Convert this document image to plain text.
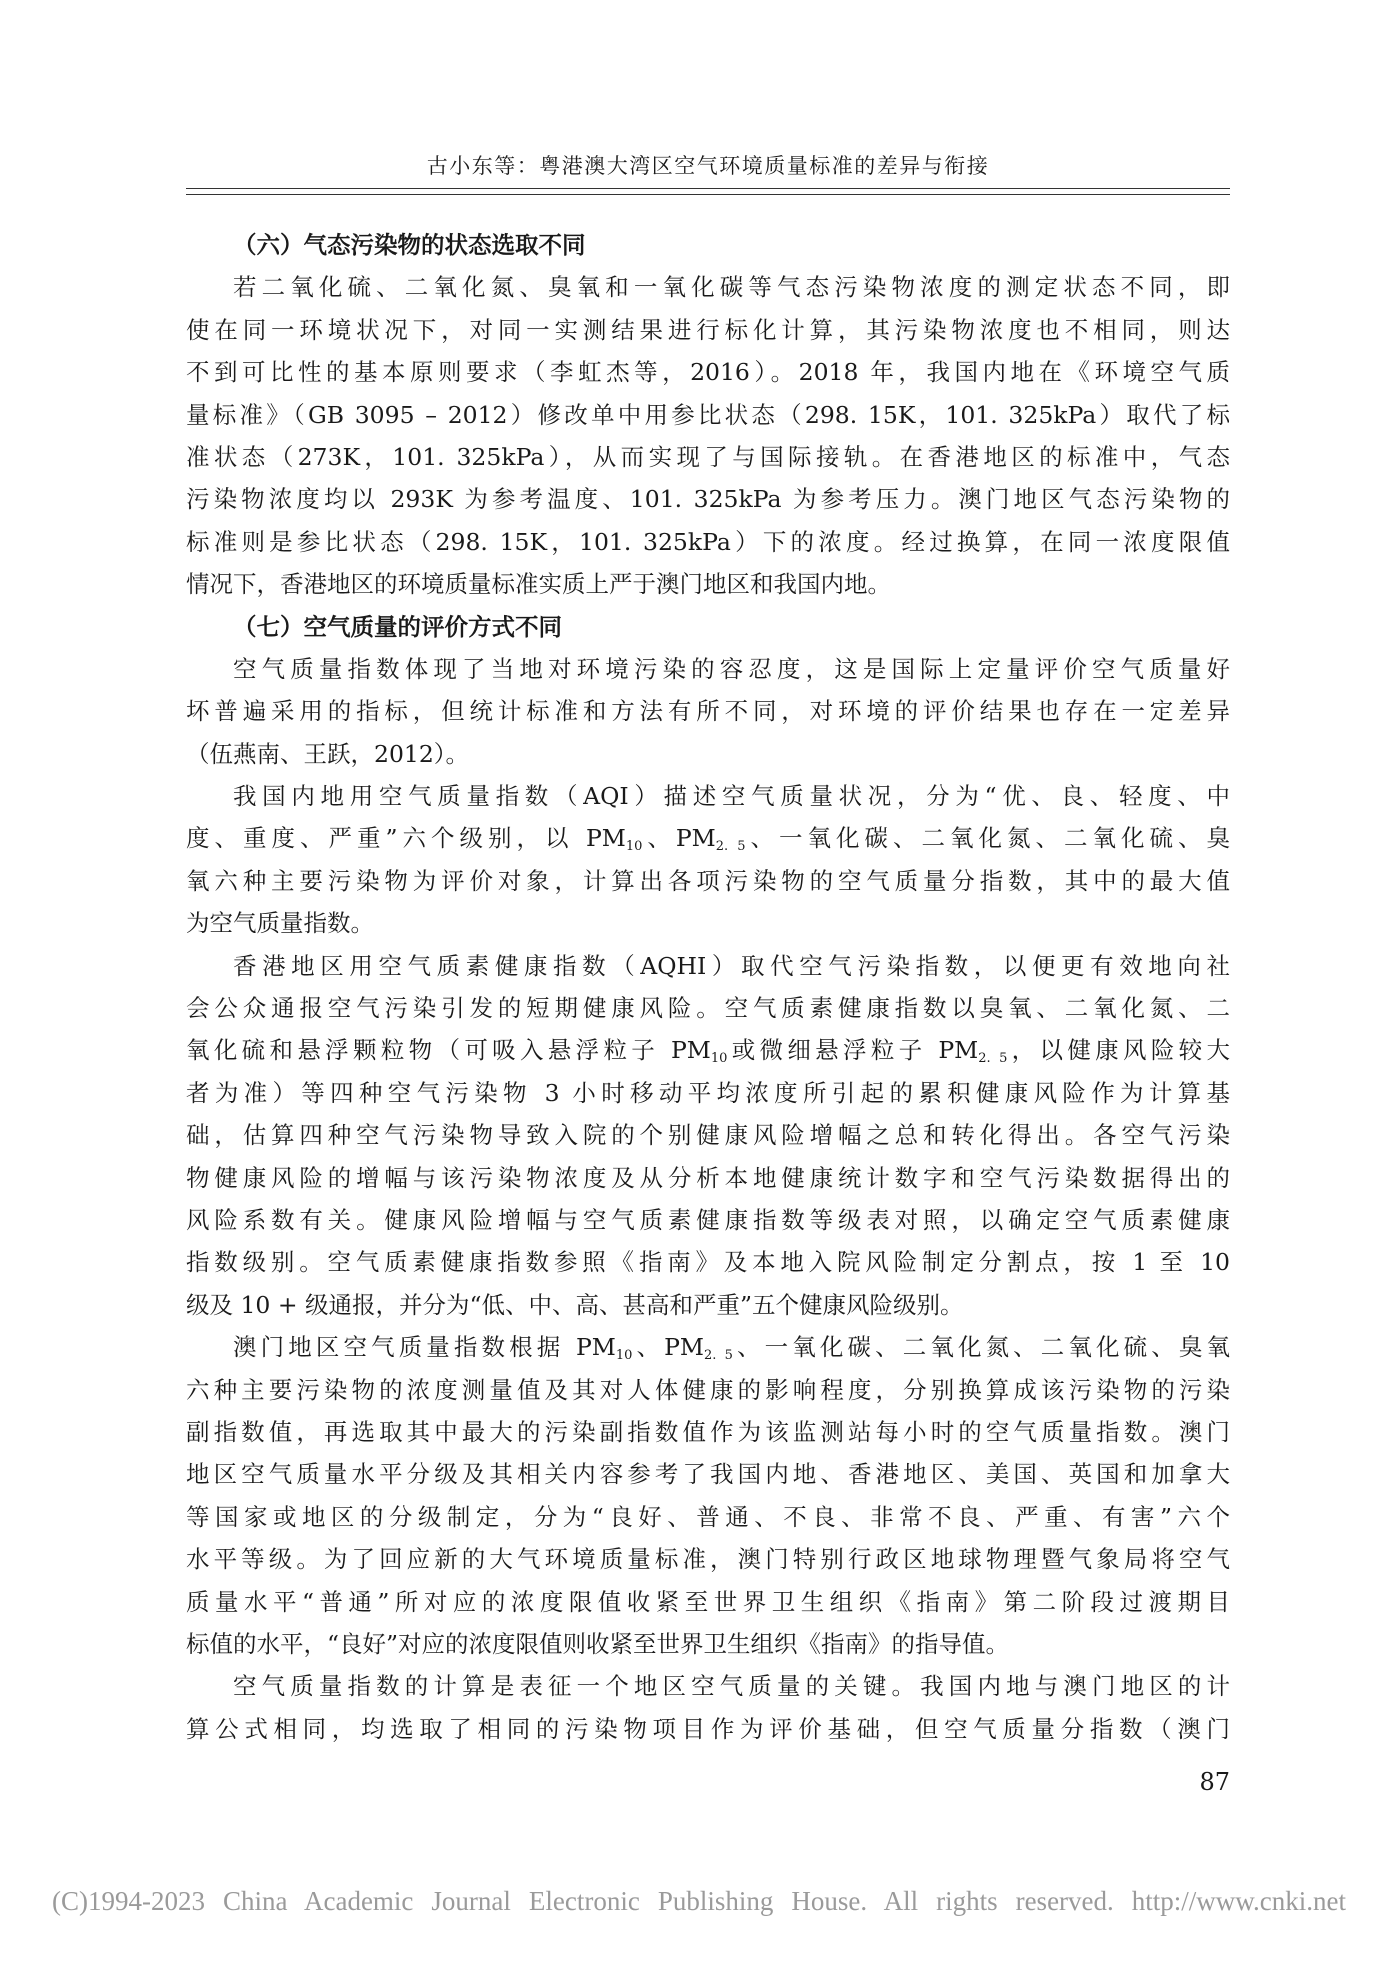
古小东等：粤港澳大湾区空气环境质量标准的差异与衔接
（六）气态污染物的状态选取不同
若二氧化硫、二氧化氮、臭氧和一氧化碳等气态污染物浓度的测定状态不同，即
使在同一环境状况下，对同一实测结果进行标化计算，其污染物浓度也不相同，则达
不到可比性的基本原则要求（李虹杰等，2016）。2018 年，我国内地在《环境空气质
量标准》（GB 3095 – 2012）修改单中用参比状态（298. 15K，101. 325kPa）取代了标
准状态（273K，101. 325kPa），从而实现了与国际接轨。在香港地区的标准中，气态
污染物浓度均以 293K 为参考温度、101. 325kPa 为参考压力。澳门地区气态污染物的
标准则是参比状态（298. 15K，101. 325kPa）下的浓度。经过换算，在同一浓度限值
情况下，香港地区的环境质量标准实质上严于澳门地区和我国内地。
（七）空气质量的评价方式不同
空气质量指数体现了当地对环境污染的容忍度，这是国际上定量评价空气质量好
坏普遍采用的指标，但统计标准和方法有所不同，对环境的评价结果也存在一定差异
（伍燕南、王跃，2012）。
我国内地用空气质量指数（AQI）描述空气质量状况，分为“优、良、轻度、中
度、重度、严重”六个级别，以 $PM_{10}$、$PM_{2. 5}$、一氧化碳、二氧化氮、二氧化硫、臭
氧六种主要污染物为评价对象，计算出各项污染物的空气质量分指数，其中的最大值
为空气质量指数。
香港地区用空气质素健康指数（AQHI）取代空气污染指数，以便更有效地向社
会公众通报空气污染引发的短期健康风险。空气质素健康指数以臭氧、二氧化氮、二
氧化硫和悬浮颗粒物（可吸入悬浮粒子 $PM_{10}$或微细悬浮粒子 $PM_{2. 5}$，以健康风险较大
者为准）等四种空气污染物 3 小时移动平均浓度所引起的累积健康风险作为计算基
础，估算四种空气污染物导致入院的个别健康风险增幅之总和转化得出。各空气污染
物健康风险的增幅与该污染物浓度及从分析本地健康统计数字和空气污染数据得出的
风险系数有关。健康风险增幅与空气质素健康指数等级表对照，以确定空气质素健康
指数级别。空气质素健康指数参照《指南》及本地入院风险制定分割点，按 1 至 10
级及 10 + 级通报，并分为“低、中、高、甚高和严重”五个健康风险级别。
澳门地区空气质量指数根据 $PM_{10}$、$PM_{2. 5}$、一氧化碳、二氧化氮、二氧化硫、臭氧
六种主要污染物的浓度测量值及其对人体健康的影响程度，分别换算成该污染物的污染
副指数值，再选取其中最大的污染副指数值作为该监测站每小时的空气质量指数。澳门
地区空气质量水平分级及其相关内容参考了我国内地、香港地区、美国、英国和加拿大
等国家或地区的分级制定，分为“良好、普通、不良、非常不良、严重、有害”六个
水平等级。为了回应新的大气环境质量标准，澳门特别行政区地球物理暨气象局将空气
质量水平“普通”所对应的浓度限值收紧至世界卫生组织《指南》第二阶段过渡期目
标值的水平，“良好”对应的浓度限值则收紧至世界卫生组织《指南》的指导值。
空气质量指数的计算是表征一个地区空气质量的关键。我国内地与澳门地区的计
算公式相同，均选取了相同的污染物项目作为评价基础，但空气质量分指数（澳门
87
(C)1994-2023 China Academic Journal Electronic Publishing House. All rights reserved. http://www.cnki.net
